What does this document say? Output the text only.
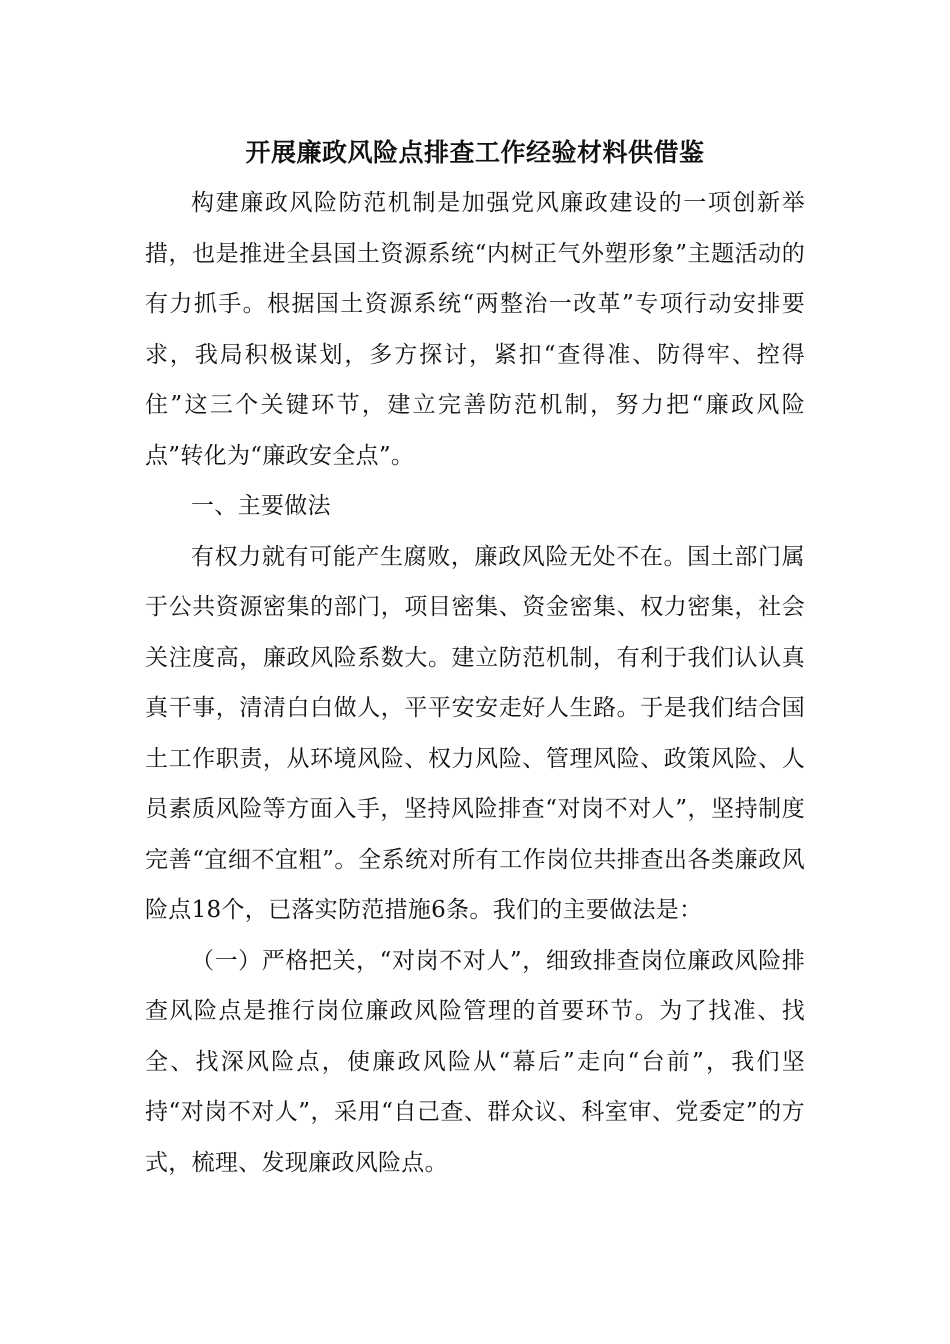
开展廉政风险点排查工作经验材料供借鉴

构建廉政风险防范机制是加强党风廉政建设的一项创新举措，也是推进全县国土资源系统“内树正气外塑形象”主题活动的有力抓手。根据国土资源系统“两整治一改革”专项行动安排要求，我局积极谋划，多方探讨，紧扣“查得准、防得牢、控得住”这三个关键环节，建立完善防范机制，努力把“廉政风险点”转化为“廉政安全点”。

一、主要做法

有权力就有可能产生腐败，廉政风险无处不在。国土部门属于公共资源密集的部门，项目密集、资金密集、权力密集，社会关注度高，廉政风险系数大。建立防范机制，有利于我们认认真真干事，清清白白做人，平平安安走好人生路。于是我们结合国土工作职责，从环境风险、权力风险、管理风险、政策风险、人员素质风险等方面入手，坚持风险排查“对岗不对人”，坚持制度完善“宜细不宜粗”。全系统对所有工作岗位共排查出各类廉政风险点18个，已落实防范措施6条。我们的主要做法是：

（一）严格把关，“对岗不对人”，细致排查岗位廉政风险排查风险点是推行岗位廉政风险管理的首要环节。为了找准、找全、找深风险点，使廉政风险从“幕后”走向“台前”，我们坚持“对岗不对人”，采用“自己查、群众议、科室审、党委定”的方式，梳理、发现廉政风险点。
